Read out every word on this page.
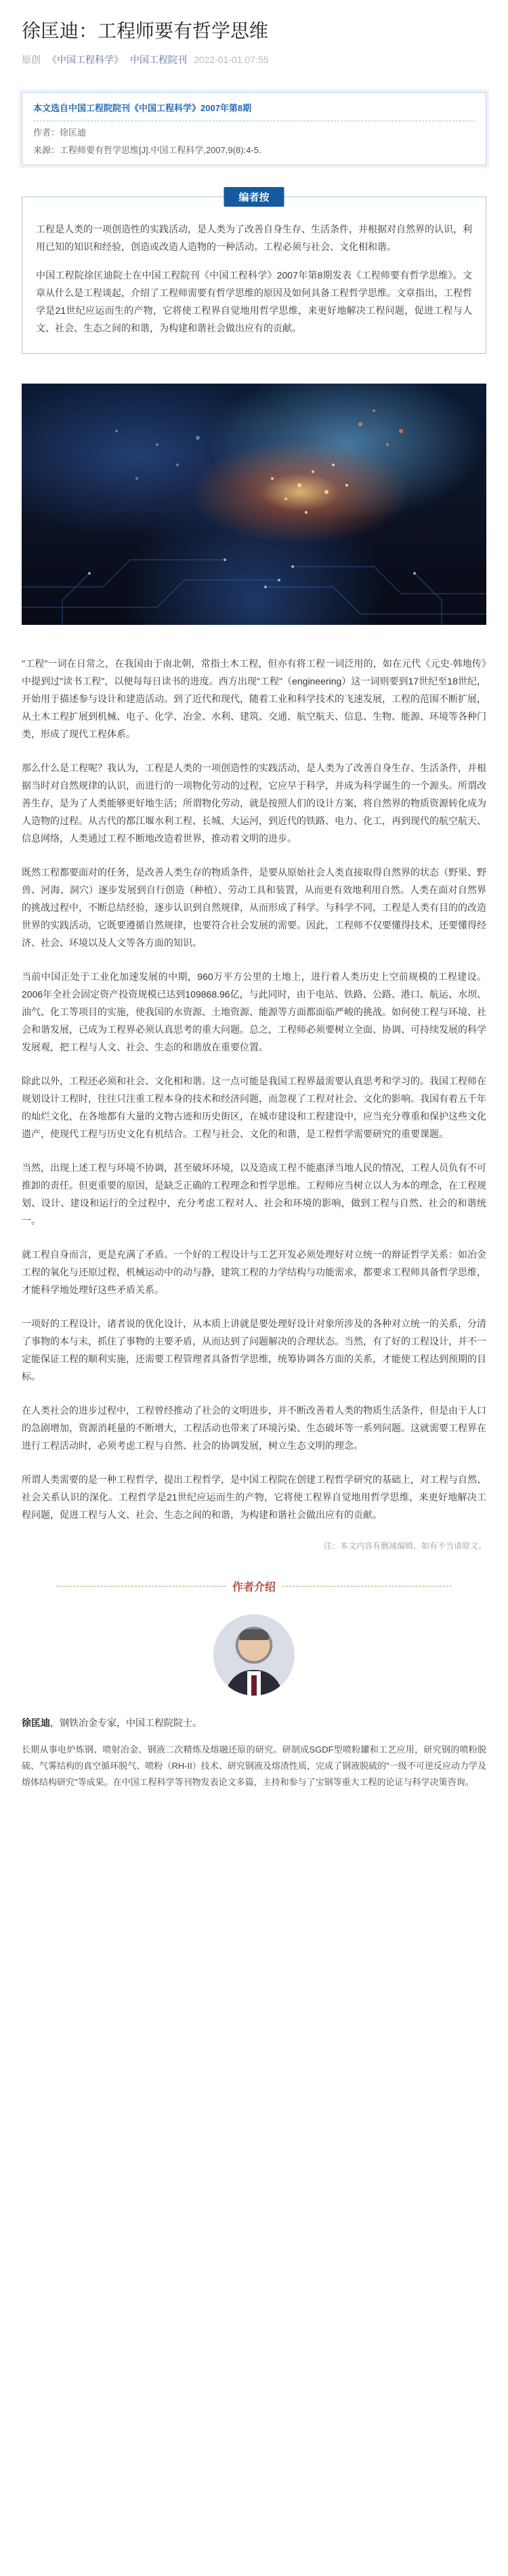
徐匡迪：工程师要有哲学思维
原创 《中国工程科学》 中国工程院刊 2022-01-01 07:55
本文选自中国工程院院刊《中国工程科学》2007年第8期
作者：徐匡迪
来源：工程师要有哲学思维[J].中国工程科学,2007,9(8):4-5.
编者按

工程是人类的一项创造性的实践活动，是人类为了改善自身生存、生活条件，并根据对自然界的认识，利用已知的知识和经验，创造或改造人造物的一种活动。工程必须与社会、文化相和谐。

中国工程院徐匡迪院士在中国工程院刊《中国工程科学》2007年第8期发表《工程师要有哲学思维》。文章从什么是工程谈起，介绍了工程师需要有哲学思维的原因及如何具备工程哲学思维。文章指出，工程哲学是21世纪应运而生的产物，它将使工程界自觉地用哲学思维，来更好地解决工程问题，促进工程与人文、社会、生态之间的和谐，为构建和谐社会做出应有的贡献。

"工程"一词在日常之，在我国由于南北朝，常指土木工程，但亦有将工程一词泛用的，如在元代《元史·韩地传》中提到过"读书工程"，以便每每日读书的进度。西方出现"工程"（engineering）这一词则要到17世纪至18世纪，开始用于描述参与设计和建造活动。到了近代和现代，随着工业和科学技术的飞速发展，工程的范围不断扩展，从土木工程扩展到机械、电子、化学、冶金、水利、建筑、交通、航空航天、信息、生物、能源、环境等各种门类，形成了现代工程体系。

那么什么是工程呢？我认为，工程是人类的一项创造性的实践活动，是人类为了改善自身生存、生活条件，并根据当时对自然规律的认识，而进行的一项物化劳动的过程，它应早于科学，并成为科学诞生的一个源头。所谓改善生存，是为了人类能够更好地生活；所谓物化劳动，就是按照人们的设计方案，将自然界的物质资源转化成为人造物的过程。从古代的都江堰水利工程、长城、大运河，到近代的铁路、电力、化工，再到现代的航空航天、信息网络，人类通过工程不断地改造着世界，推动着文明的进步。

既然工程都要面对的任务，是改善人类生存的物质条件，是要从原始社会人类直接取得自然界的状态（野果、野兽、河海、洞穴）逐步发展到自行创造（种植）、劳动工具和装置，从而更有效地利用自然。人类在面对自然界的挑战过程中，不断总结经验，逐步认识到自然规律，从而形成了科学。与科学不同，工程是人类有目的的改造世界的实践活动，它既要遵循自然规律，也要符合社会发展的需要。因此，工程师不仅要懂得技术，还要懂得经济、社会、环境以及人文等各方面的知识。

当前中国正处于工业化加速发展的中期，960万平方公里的土地上，进行着人类历史上空前规模的工程建设。2006年全社会固定资产投资规模已达到109868.96亿，与此同时，由于电站、铁路、公路、港口、航运、水坝、油气、化工等项目的实施，使我国的水资源、土地资源、能源等方面都面临严峻的挑战。如何使工程与环境、社会和谐发展，已成为工程界必须认真思考的重大问题。总之，工程师必须要树立全面、协调、可持续发展的科学发展观，把工程与人文、社会、生态的和谐放在重要位置。

除此以外，工程还必须和社会、文化相和谐。这一点可能是我国工程界最需要认真思考和学习的。我国工程师在规划设计工程时，往往只注重工程本身的技术和经济问题，而忽视了工程对社会、文化的影响。我国有着五千年的灿烂文化，在各地都有大量的文物古迹和历史街区，在城市建设和工程建设中，应当充分尊重和保护这些文化遗产，使现代工程与历史文化有机结合。工程与社会、文化的和谐，是工程哲学需要研究的重要课题。

当然，出现上述工程与环境不协调，甚至破坏环境，以及造成工程不能惠泽当地人民的情况，工程人员负有不可推卸的责任。但更重要的原因，是缺乏正确的工程理念和哲学思维。工程师应当树立以人为本的理念，在工程规划、设计、建设和运行的全过程中，充分考虑工程对人、社会和环境的影响，做到工程与自然、社会的和谐统一。

就工程自身而言，更是充满了矛盾。一个好的工程设计与工艺开发必须处理好对立统一的辩证哲学关系：如冶金工程的氧化与还原过程，机械运动中的动与静，建筑工程的力学结构与功能需求，都要求工程师具备哲学思维，才能科学地处理好这些矛盾关系。

一项好的工程设计，诸者说的优化设计，从本质上讲就是要处理好设计对象所涉及的各种对立统一的关系，分清了事物的本与末，抓住了事物的主要矛盾，从而达到了问题解决的合理状态。当然，有了好的工程设计，并不一定能保证工程的顺利实施，还需要工程管理者具备哲学思维，统筹协调各方面的关系，才能使工程达到预期的目标。

在人类社会的进步过程中，工程曾经推动了社会的文明进步，并不断改善着人类的物质生活条件，但是由于人口的急剧增加，资源消耗量的不断增大，工程活动也带来了环境污染、生态破坏等一系列问题。这就需要工程界在进行工程活动时，必须考虑工程与自然、社会的协调发展，树立生态文明的理念。

所谓人类需要的是一种工程哲学，提出工程哲学，是中国工程院在创建工程哲学研究的基础上，对工程与自然、社会关系认识的深化。工程哲学是21世纪应运而生的产物，它将使工程界自觉地用哲学思维，来更好地解决工程问题，促进工程与人文、社会、生态之间的和谐，为构建和谐社会做出应有的贡献。

注：本文内容有删减编辑，如有不当请原文。
作者介绍
徐匡迪，钢铁冶金专家，中国工程院院士。
长期从事电炉炼钢、喷射冶金、钢液二次精炼及熔融还原的研究。研制成SGDF型喷粉罐和工艺应用，研究钢的喷粉脱硫、气雾结构的真空循环脱气、喷粉（RH-II）技术、研究钢液及熔渣性质，完成了钢液脱硫的"一级不可逆反应动力学及熔体结构研究"等成果。在中国工程科学等刊物发表论文多篇，主持和参与了宝钢等重大工程的论证与科学决策咨询。
